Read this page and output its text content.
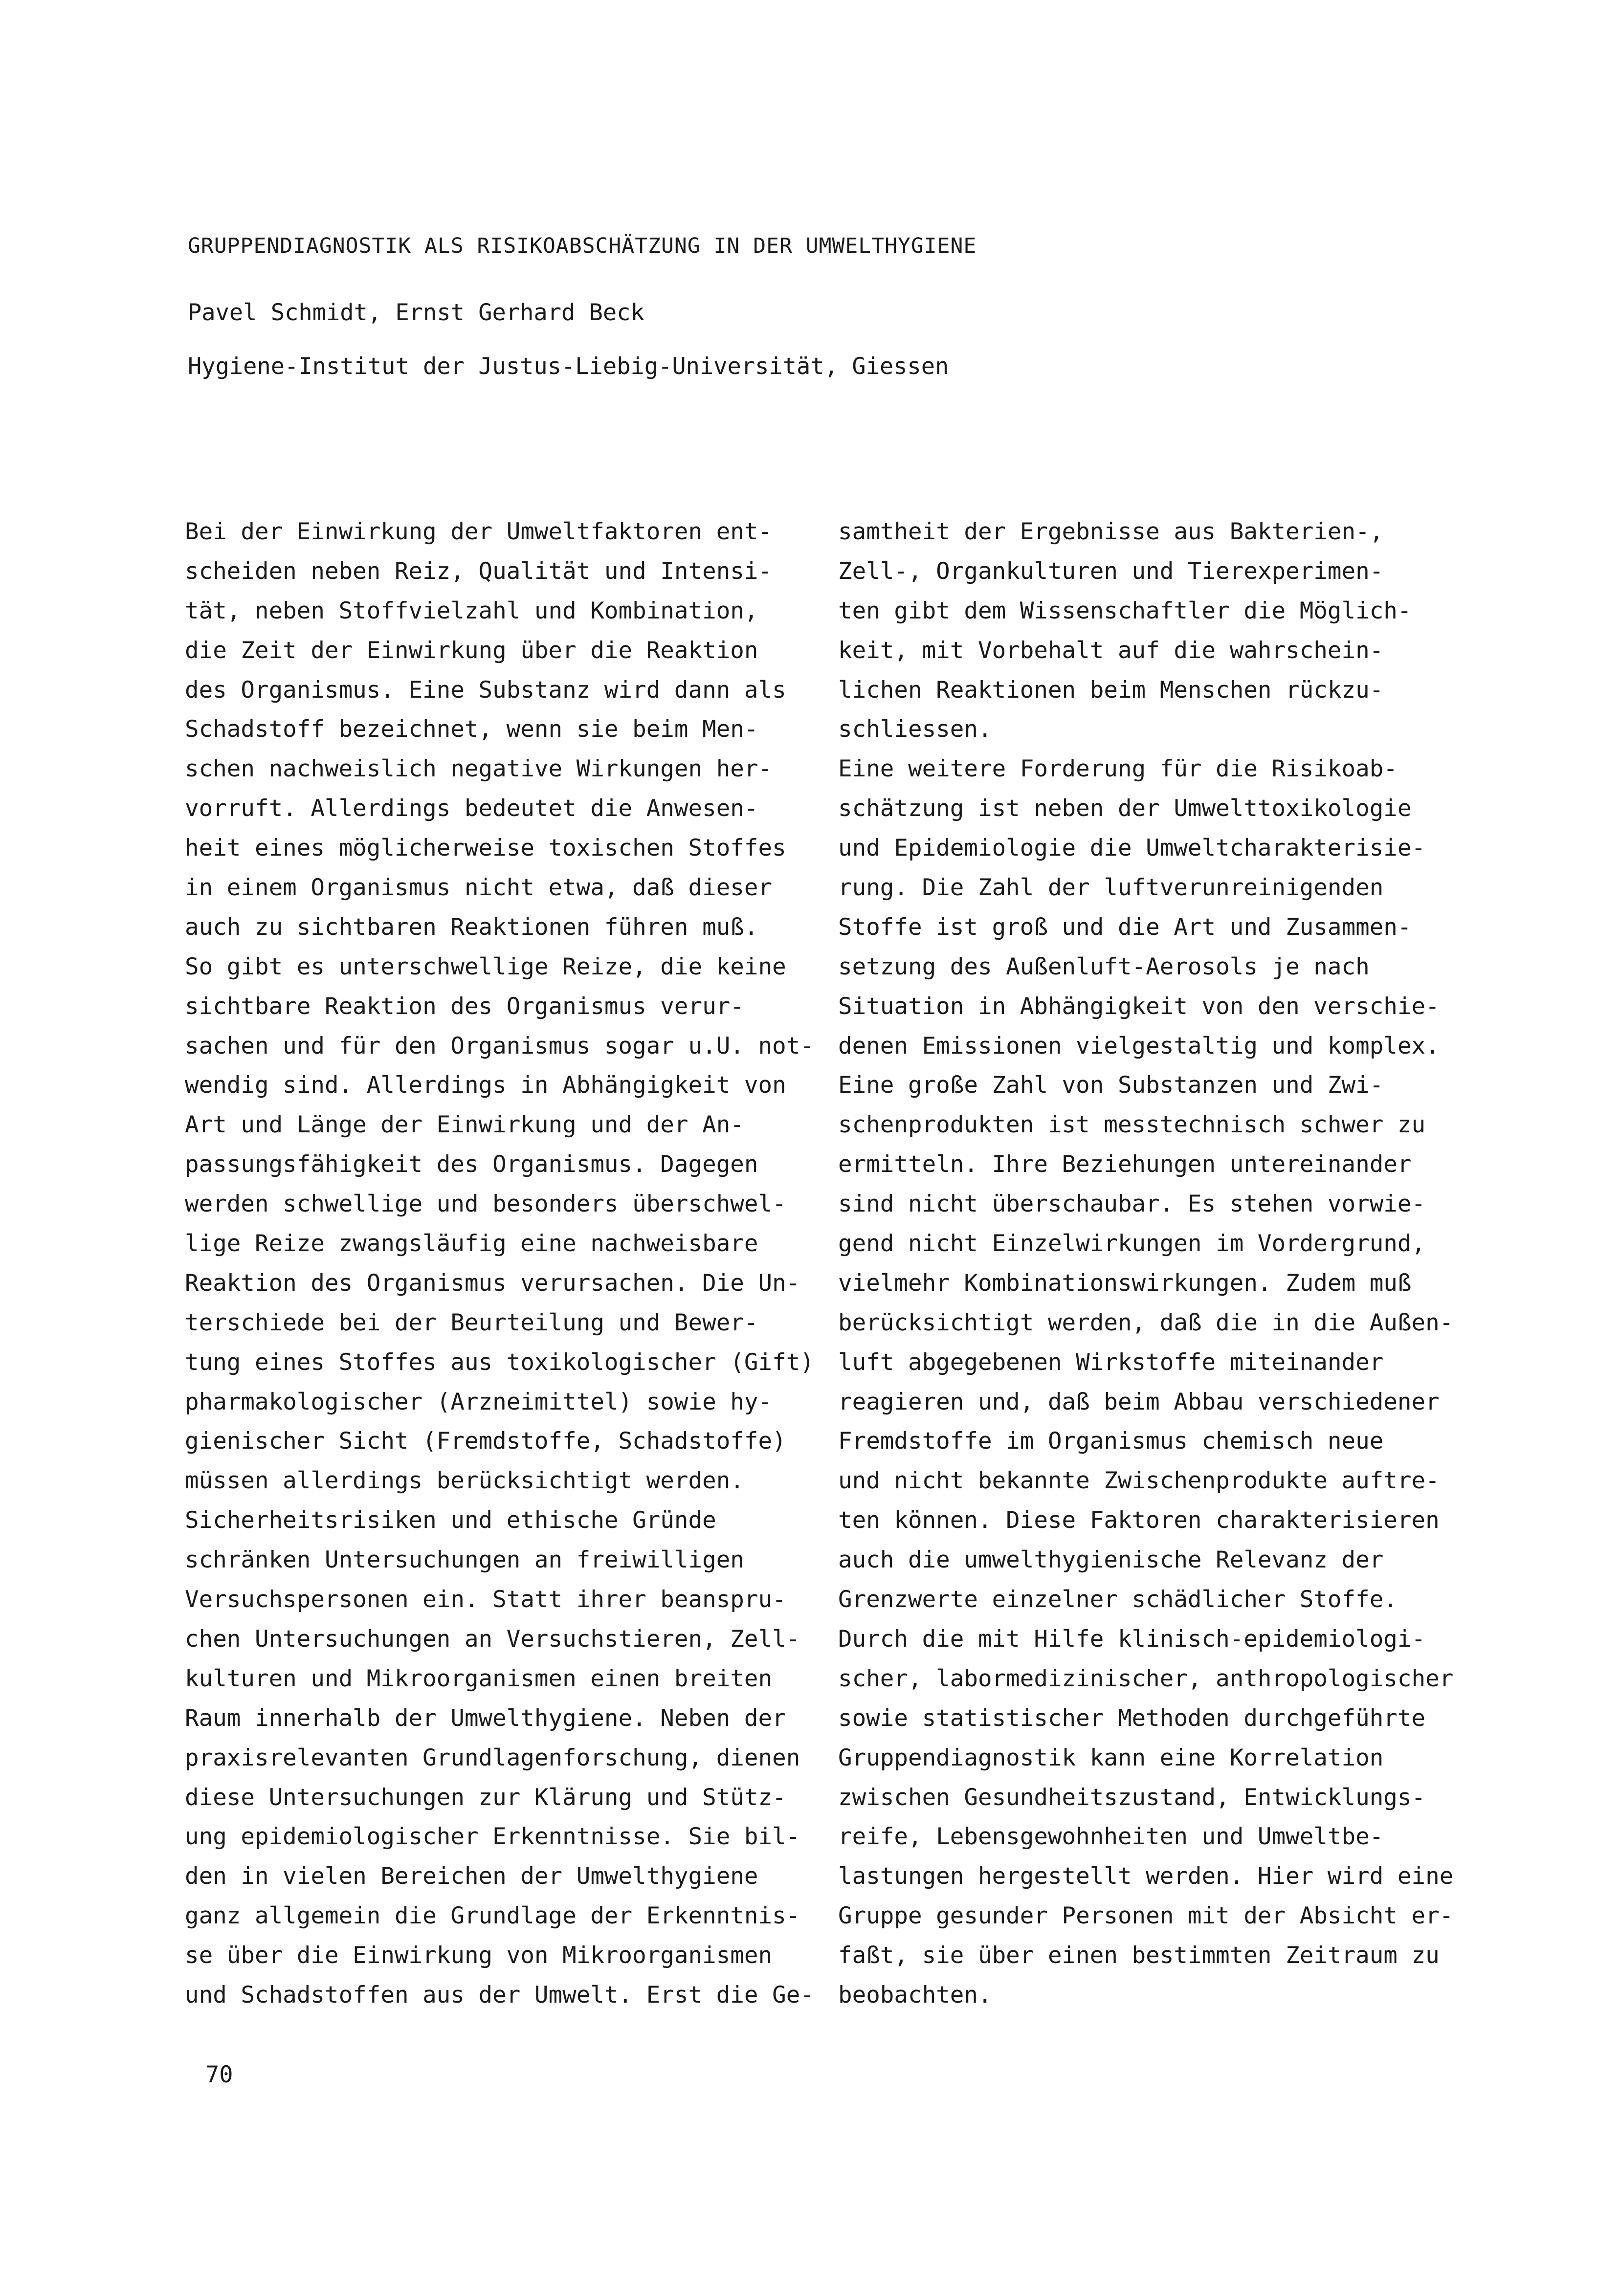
GRUPPENDIAGNOSTIK ALS RISIKOABSCHÄTZUNG IN DER UMWELTHYGIENE
Pavel Schmidt, Ernst Gerhard Beck
Hygiene-Institut der Justus-Liebig-Universität, Giessen
Bei der Einwirkung der Umweltfaktoren ent-
scheiden neben Reiz, Qualität und Intensi-
tät, neben Stoffvielzahl und Kombination,
die Zeit der Einwirkung über die Reaktion
des Organismus. Eine Substanz wird dann als
Schadstoff bezeichnet, wenn sie beim Men-
schen nachweislich negative Wirkungen her-
vorruft. Allerdings bedeutet die Anwesen-
heit eines möglicherweise toxischen Stoffes
in einem Organismus nicht etwa, daß dieser
auch zu sichtbaren Reaktionen führen muß.
So gibt es unterschwellige Reize, die keine
sichtbare Reaktion des Organismus verur-
sachen und für den Organismus sogar u.U. not-
wendig sind. Allerdings in Abhängigkeit von
Art und Länge der Einwirkung und der An-
passungsfähigkeit des Organismus. Dagegen
werden schwellige und besonders überschwel-
lige Reize zwangsläufig eine nachweisbare
Reaktion des Organismus verursachen. Die Un-
terschiede bei der Beurteilung und Bewer-
tung eines Stoffes aus toxikologischer (Gift)
pharmakologischer (Arzneimittel) sowie hy-
gienischer Sicht (Fremdstoffe, Schadstoffe)
müssen allerdings berücksichtigt werden.
Sicherheitsrisiken und ethische Gründe
schränken Untersuchungen an freiwilligen
Versuchspersonen ein. Statt ihrer beanspru-
chen Untersuchungen an Versuchstieren, Zell-
kulturen und Mikroorganismen einen breiten
Raum innerhalb der Umwelthygiene. Neben der
praxisrelevanten Grundlagenforschung, dienen
diese Untersuchungen zur Klärung und Stütz-
ung epidemiologischer Erkenntnisse. Sie bil-
den in vielen Bereichen der Umwelthygiene
ganz allgemein die Grundlage der Erkenntnis-
se über die Einwirkung von Mikroorganismen
und Schadstoffen aus der Umwelt. Erst die Ge-
samtheit der Ergebnisse aus Bakterien-,
Zell-, Organkulturen und Tierexperimen-
ten gibt dem Wissenschaftler die Möglich-
keit, mit Vorbehalt auf die wahrschein-
lichen Reaktionen beim Menschen rückzu-
schliessen.
Eine weitere Forderung für die Risikoab-
schätzung ist neben der Umwelttoxikologie
und Epidemiologie die Umweltcharakterisie-
rung. Die Zahl der luftverunreinigenden
Stoffe ist groß und die Art und Zusammen-
setzung des Außenluft-Aerosols je nach
Situation in Abhängigkeit von den verschie-
denen Emissionen vielgestaltig und komplex.
Eine große Zahl von Substanzen und Zwi-
schenprodukten ist messtechnisch schwer zu
ermitteln. Ihre Beziehungen untereinander
sind nicht überschaubar. Es stehen vorwie-
gend nicht Einzelwirkungen im Vordergrund,
vielmehr Kombinationswirkungen. Zudem muß
berücksichtigt werden, daß die in die Außen-
luft abgegebenen Wirkstoffe miteinander
reagieren und, daß beim Abbau verschiedener
Fremdstoffe im Organismus chemisch neue
und nicht bekannte Zwischenprodukte auftre-
ten können. Diese Faktoren charakterisieren
auch die umwelthygienische Relevanz der
Grenzwerte einzelner schädlicher Stoffe.
Durch die mit Hilfe klinisch-epidemiologi-
scher, labormedizinischer, anthropologischer
sowie statistischer Methoden durchgeführte
Gruppendiagnostik kann eine Korrelation
zwischen Gesundheitszustand, Entwicklungs-
reife, Lebensgewohnheiten und Umweltbe-
lastungen hergestellt werden. Hier wird eine
Gruppe gesunder Personen mit der Absicht er-
faßt, sie über einen bestimmten Zeitraum zu
beobachten.
70
